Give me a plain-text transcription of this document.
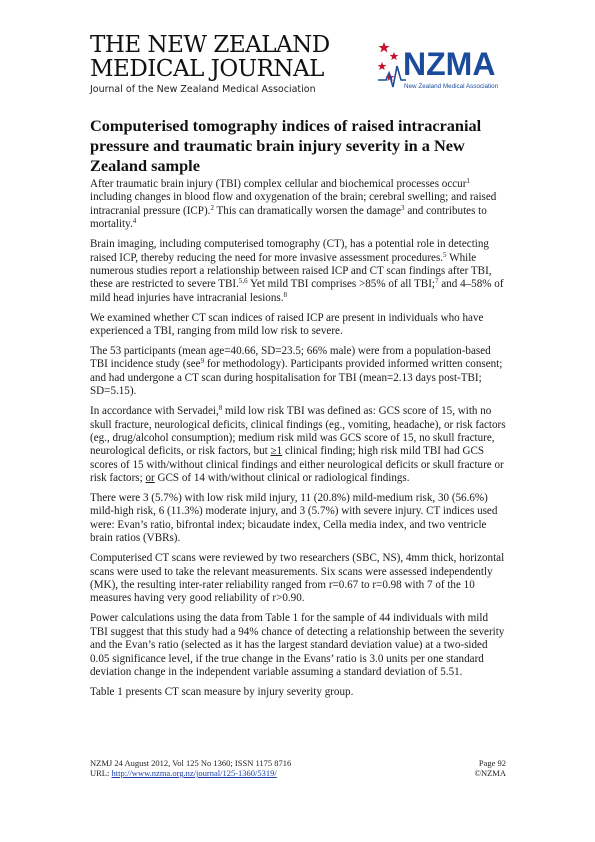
THE NEW ZEALAND
MEDICAL JOURNAL
Journal of the New Zealand Medical Association
NZMA
New Zealand Medical Association
Computerised tomography indices of raised intracranial pressure and traumatic brain injury severity in a New Zealand sample

After traumatic brain injury (TBI) complex cellular and biochemical processes occur$^1$ including changes in blood flow and oxygenation of the brain; cerebral swelling; and raised intracranial pressure (ICP).$^2$ This can dramatically worsen the damage$^3$ and contributes to mortality.$^4$

Brain imaging, including computerised tomography (CT), has a potential role in detecting raised ICP, thereby reducing the need for more invasive assessment procedures.$^5$ While numerous studies report a relationship between raised ICP and CT scan findings after TBI, these are restricted to severe TBI.$^{5,6}$ Yet mild TBI comprises >85% of all TBI;$^7$ and 4–58% of mild head injuries have intracranial lesions.$^8$

We examined whether CT scan indices of raised ICP are present in individuals who have experienced a TBI, ranging from mild low risk to severe.

The 53 participants (mean age=40.66, SD=23.5; 66% male) were from a population-based TBI incidence study (see$^9$ for methodology). Participants provided informed written consent; and had undergone a CT scan during hospitalisation for TBI (mean=2.13 days post-TBI; SD=5.15).

In accordance with Servadei,$^8$ mild low risk TBI was defined as: GCS score of 15, with no skull fracture, neurological deficits, clinical findings (eg., vomiting, headache), or risk factors (eg., drug/alcohol consumption); medium risk mild was GCS score of 15, no skull fracture, neurological deficits, or risk factors, but ≥1 clinical finding; high risk mild TBI had GCS scores of 15 with/without clinical findings and either neurological deficits or skull fracture or risk factors; or GCS of 14 with/without clinical or radiological findings.

There were 3 (5.7%) with low risk mild injury, 11 (20.8%) mild-medium risk, 30 (56.6%) mild-high risk, 6 (11.3%) moderate injury, and 3 (5.7%) with severe injury. CT indices used were: Evan’s ratio, bifrontal index; bicaudate index, Cella media index, and two ventricle brain ratios (VBRs).

Computerised CT scans were reviewed by two researchers (SBC, NS), 4mm thick, horizontal scans were used to take the relevant measurements. Six scans were assessed independently (MK), the resulting inter-rater reliability ranged from r=0.67 to r=0.98 with 7 of the 10 measures having very good reliability of r>0.90.

Power calculations using the data from Table 1 for the sample of 44 individuals with mild TBI suggest that this study had a 94% chance of detecting a relationship between the severity and the Evan’s ratio (selected as it has the largest standard deviation value) at a two-sided 0.05 significance level, if the true change in the Evans’ ratio is 3.0 units per one standard deviation change in the independent variable assuming a standard deviation of 5.51.

Table 1 presents CT scan measure by injury severity group.

NZMJ 24 August 2012, Vol 125 No 1360; ISSN 1175 8716	Page 92
URL: http://www.nzma.org.nz/journal/125-1360/5319/	©NZMA
